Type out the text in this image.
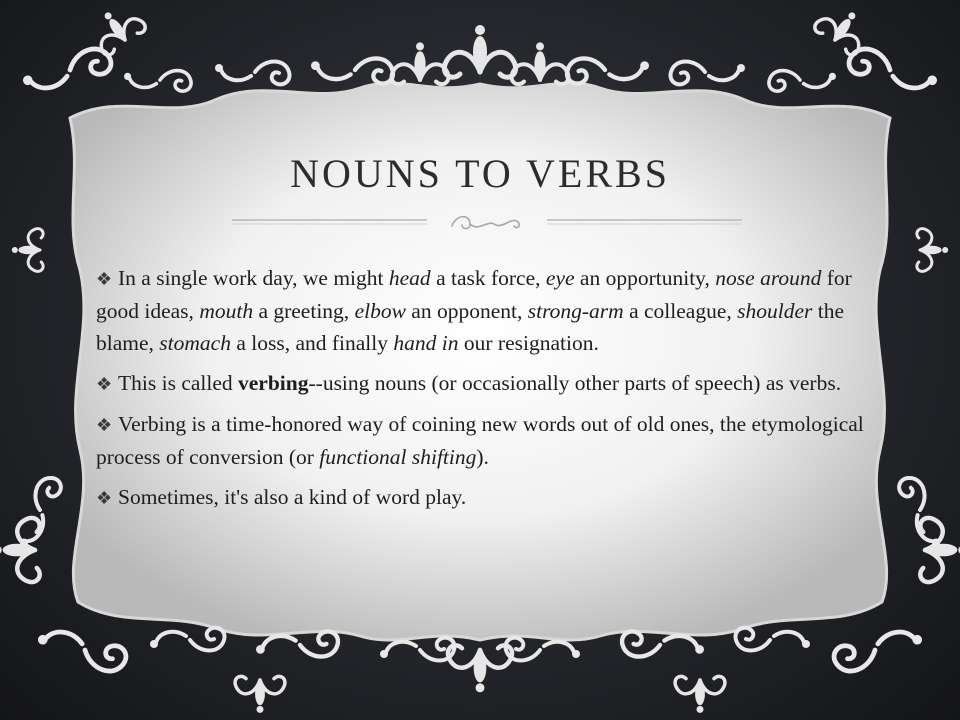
NOUNS TO VERBS

❖ In a single work day, we might head a task force, eye an opportunity, nose around for good ideas, mouth a greeting, elbow an opponent, strong-arm a colleague, shoulder the blame, stomach a loss, and finally hand in our resignation.

❖ This is called verbing--using nouns (or occasionally other parts of speech) as verbs.

❖ Verbing is a time-honored way of coining new words out of old ones, the etymological process of conversion (or functional shifting).

❖ Sometimes, it's also a kind of word play.
